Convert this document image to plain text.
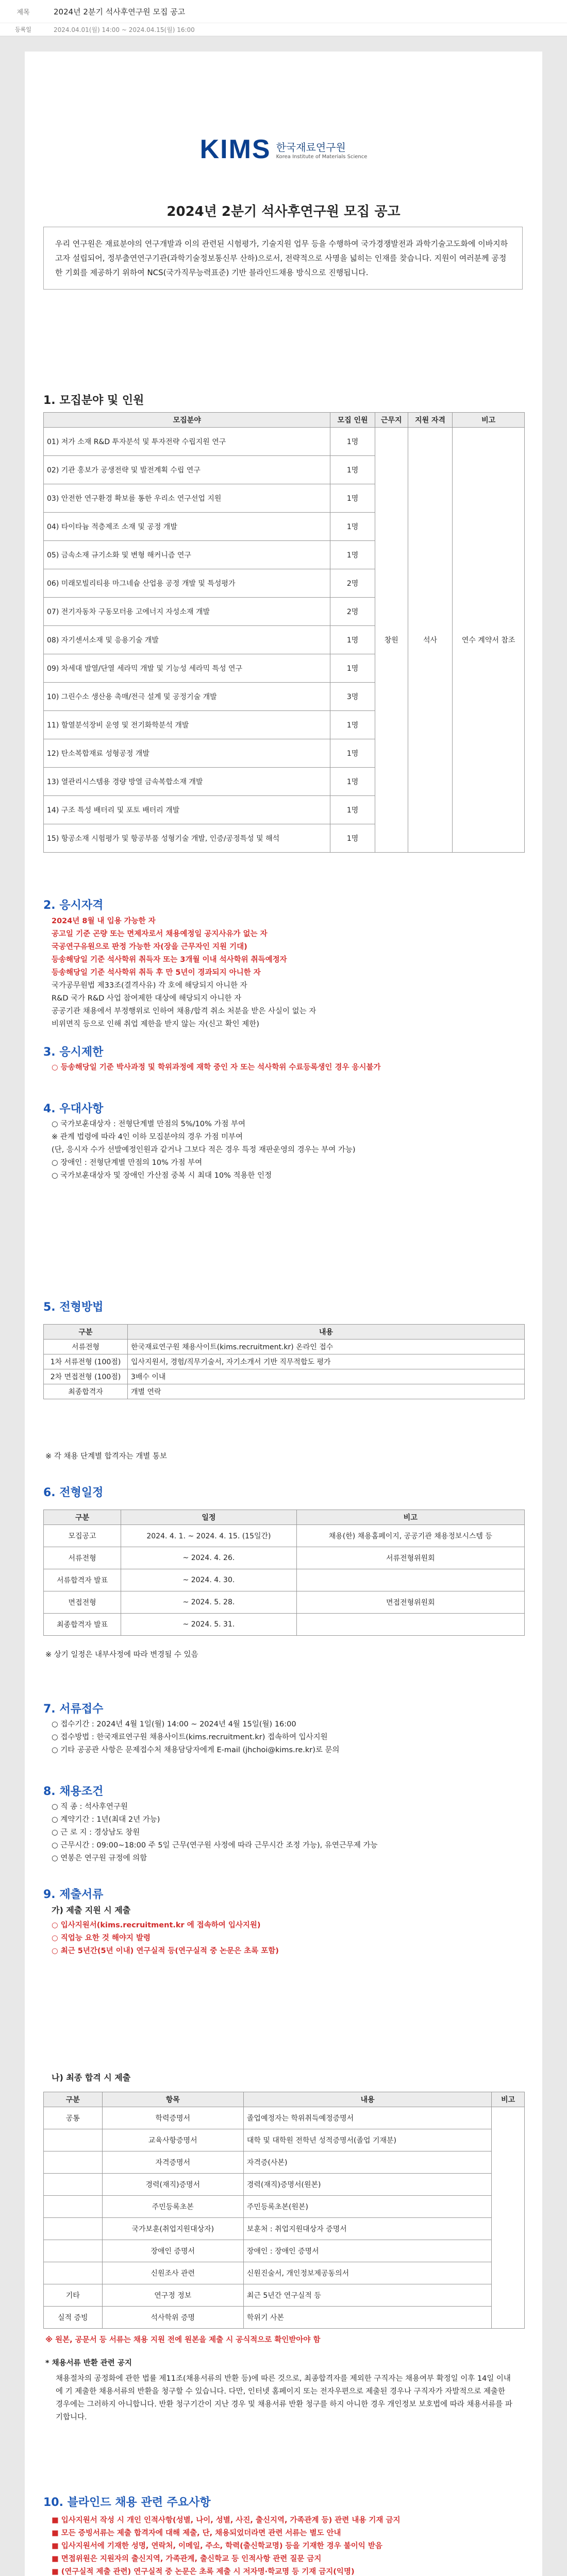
제목	2024년 2분기 석사후연구원 모집 공고
등록일	2024.04.01(월) 14:00 ~ 2024.04.15(월) 16:00
KIMS 한국재료연구원
Korea Institute of Materials Science
2024년 2분기 석사후연구원 모집 공고
우리 연구원은 재료분야의 연구개발과 이의 관련된 시험평가, 기술지원 업무 등을 수행하여 국가경쟁발전과 과학기술고도화에 이바지하고자 설립되어, 정부출연연구기관(과학기술정보통신부 산하)으로서, 전략적으로 사명을 넓히는 인재를 찾습니다. 지원이 여러분께 공정한 기회를 제공하기 위하여 NCS(국가직무능력표준) 기반 블라인드채용 방식으로 진행됩니다.
1. 모집분야 및 인원
모집분야	모집 인원	근무지	지원 자격	비고
01) 저가 소재 R&D 투자분석 및 투자전략 수립지원 연구	1명	창원	석사	연수 계약서 참조
02) 기관 홍보가 공생전략 및 발전계획 수립 연구	1명			
03) 안전한 연구환경 확보를 통한 우리소 연구선업 지원	1명			
04) 타이타늄 적층제조 소재 및 공정 개발	1명			
05) 금속소재 규기소화 및 변형 해커니즘 연구	1명			
06) 미래모빌리티용 마그네슘 산업용 공정 개발 및 특성평가	2명			
07) 전기자동차 구동모터용 고에너지 자성소재 개발	2명			
08) 자기센서소재 및 응용기술 개발	1명			
09) 차세대 발열/단열 세라믹 개발 및 기능성 세라믹 특성 연구	1명			
10) 그린수소 생산용 촉매/전극 설계 및 공정기술 개발	3명			
11) 할열분석장비 운영 및 전기화학분석 개발	1명			
12) 탄소복합재료 성형공정 개발	1명			
13) 열관리시스템용 경량 방열 금속복합소재 개발	1명			
14) 구조 특성 배터리 및 포토 배터리 개발	1명			
15) 항공소재 시험평가 및 항공부품 성형기술 개발, 인증/공정특성 및 해석	1명			
2. 응시자격
2024년 8월 내 입용 가능한 자
공고일 기준 곤량 또는 면제자로서 채용예정일 공지사유가 없는 자
국공연구유원으로 판정 가능한 자(장을 근무자인 지원 기대)
등송해당일 기준 석사학위 취득자 또는 3개월 이내 석사학위 취득예정자
등송해당일 기준 석사학위 취득 후 만 5년이 경과되지 아니한 자
국가공무원법 제33조(결격사유) 각 호에 해당되지 아니한 자
R&D 국가 R&D 사업 참여제한 대상에 해당되지 아니한 자
공공기관 채용에서 부정행위로 인하여 채용/합격 취소 처분을 받은 사실이 없는 자
비위면직 등으로 인해 취업 제한을 받지 않는 자(신고 확인 제한)
3. 응시제한
○ 등송해당일 기준 박사과정 및 학위과정에 재학 중인 자 또는 석사학위 수료등록생인 경우 응시불가
4. 우대사항
○ 국가보훈대상자 : 전형단계별 만점의 5%/10% 가점 부여
※ 관계 법령에 따라 4인 이하 모집분야의 경우 가점 미부여
(단, 응시자 수가 선발예정인원과 같거나 그보다 적은 경우 특정 재판운영의 경우는 부여 가능)
○ 장애인 : 전형단계별 만점의 10% 가점 부여
○ 국가보훈대상자 및 장애인 가산점 중복 시 최대 10% 적용한 인정
5. 전형방법
구분	내용
서류전형	한국재료연구원 채용사이트(kims.recruitment.kr) 온라인 접수
1차 서류전형 (100점)	입사지원서, 경험/직무기술서, 자기소개서 기반 직무적합도 평가
2차 면접전형 (100점)	3배수 이내
최종합격자	개별 연락
※ 각 채용 단계별 합격자는 개별 통보
6. 전형일정
구분	일정	비고
모집공고	2024. 4. 1. ~ 2024. 4. 15. (15일간)	채용(한) 채용홈페이지, 공공기관 채용정보시스템 등
서류전형	~ 2024. 4. 26.	서류전형위원회
서류합격자 발표	~ 2024. 4. 30.	
면접전형	~ 2024. 5. 28.	면접전형위원회
최종합격자 발표	~ 2024. 5. 31.	
※ 상기 일정은 내부사정에 따라 변경될 수 있음
7. 서류접수
○ 접수기간 : 2024년 4월 1일(월) 14:00 ~ 2024년 4월 15일(월) 16:00
○ 접수방법 : 한국재료연구원 채용사이트(kims.recruitment.kr) 접속하여 입사지원
○ 기타 공공관 사항은 문제접수처 채용담당자에게 E-mail (jhchoi@kims.re.kr)로 문의
8. 채용조건
○ 직 종 : 석사후연구원
○ 계약기간 : 1년(최대 2년 가능)
○ 근 로 지 : 경상남도 창원
○ 근무시간 : 09:00~18:00 주 5일 근무(연구원 사정에 따라 근무시간 조정 가능), 유연근무제 가능
○ 연봉은 연구원 규정에 의함
9. 제출서류
가) 제출 지원 시 제출
○ 입사지원서(kims.recruitment.kr 에 접속하여 입사지원)
○ 직업능 요한 것 해야지 발령
○ 최근 5년간(5년 이내) 연구실적 등(연구실적 중 논문은 초록 포함)
나) 최종 합격 시 제출
구분	항목	내용	비고
공통	학력증명서	졸업예정자는 학위취득예정증명서	
	교육사항증명서	대학 및 대학원 전학년 성적증명서(졸업 기재분)	
	자격증명서	자격증(사본)	
	경력(재직)증명서	경력(재직)증명서(원본)	
	주민등록초본	주민등록초본(원본)	
	국가보훈(취업지원대상자)	보훈처 : 취업지원대상자 증명서	
	장애인 증명서	장애인 : 장애인 증명서	
	신원조사 관련	신원진술서, 개인정보제공동의서	
기타	연구정 정보	최근 5년간 연구실적 등	
실적 증빙	석사학위 증명	학위기 사본	
※ 원본, 공문서 등 서류는 채용 지원 전에 원본을 제출 시 공식적으로 확인받아야 함
* 채용서류 반환 관련 공지
채용절차의 공정화에 관한 법률 제11조(채용서류의 반환 등)에 따른 것으로, 최종합격자를 제외한 구직자는 채용여부 확정일 이후 14일 이내에 기 제출한 채용서류의 반환을 청구할 수 있습니다. 다만, 인터넷 홈페이지 또는 전자우편으로 제출된 경우나 구직자가 자발적으로 제출한 경우에는 그러하지 아니합니다. 반환 청구기간이 지난 경우 및 채용서류 반환 청구를 하지 아니한 경우 개인정보 보호법에 따라 채용서류를 파기합니다.
10. 블라인드 채용 관련 주요사항
■ 입사지원서 작성 시 개인 인적사항(성별, 나이, 성별, 사진, 출신지역, 가족관계 등) 관련 내용 기재 금지
■ 모든 증빙서류는 제출 합격자에 대해 제출, 단, 채용되었더라면 관련 서류는 별도 안내
■ 입사지원서에 기재한 성명, 연락처, 이메일, 주소, 학력(출신학교명) 등을 기재한 경우 불이익 받음
■ 면접위원은 지원자의 출신지역, 가족관계, 출신학교 등 인적사항 관련 질문 금지
■ (연구실적 제출 관련) 연구실적 중 논문은 초록 제출 시 저자명·학교명 등 기재 금지(익명)
